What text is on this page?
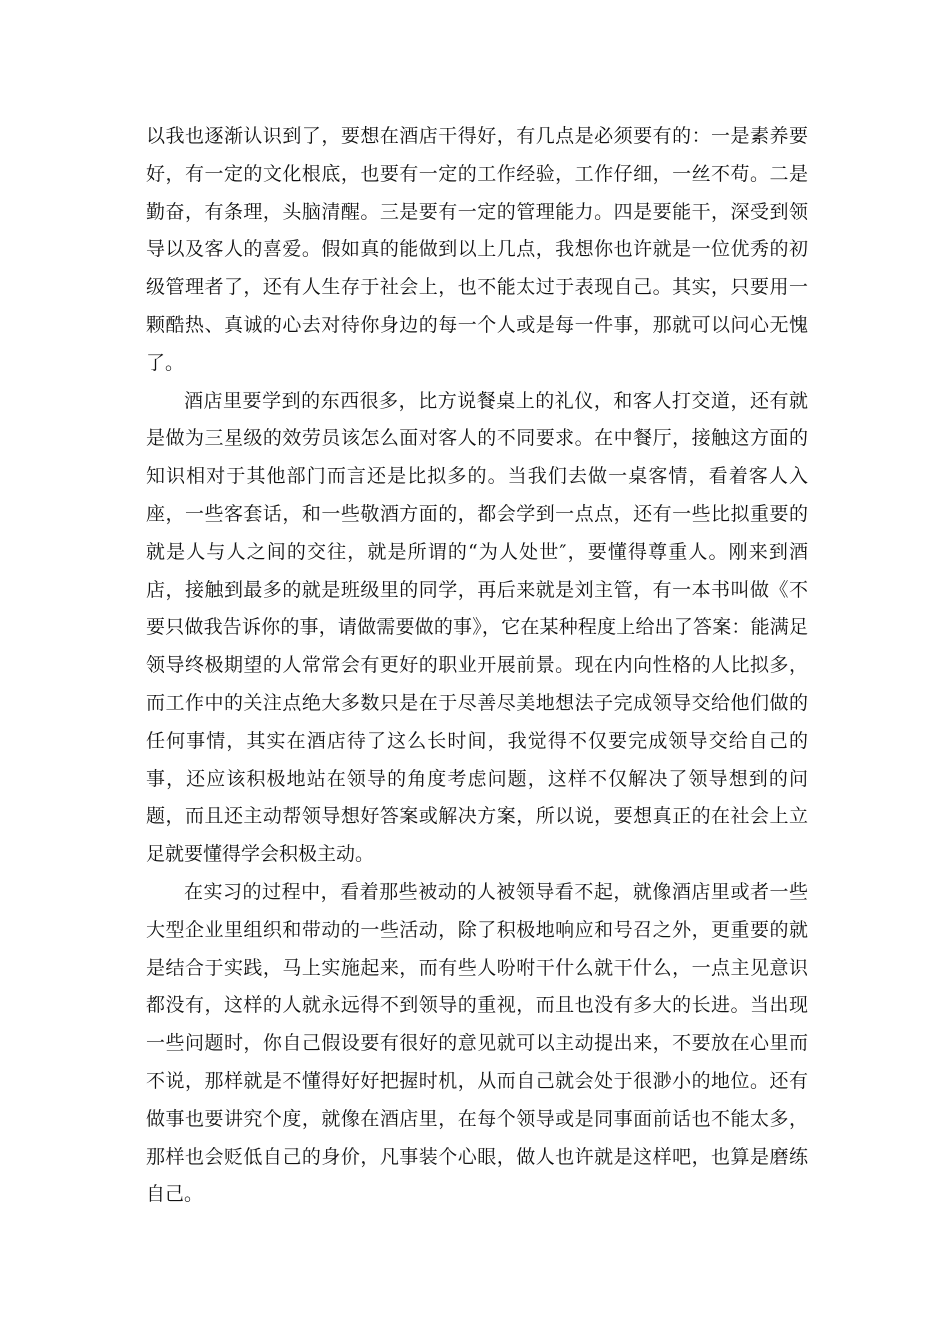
以我也逐渐认识到了，要想在酒店干得好，有几点是必须要有的：一是素养要好，有一定的文化根底，也要有一定的工作经验，工作仔细，一丝不苟。二是勤奋，有条理，头脑清醒。三是要有一定的管理能力。四是要能干，深受到领导以及客人的喜爱。假如真的能做到以上几点，我想你也许就是一位优秀的初级管理者了，还有人生存于社会上，也不能太过于表现自己。其实，只要用一颗酷热、真诚的心去对待你身边的每一个人或是每一件事，那就可以问心无愧了。

酒店里要学到的东西很多，比方说餐桌上的礼仪，和客人打交道，还有就是做为三星级的效劳员该怎么面对客人的不同要求。在中餐厅，接触这方面的知识相对于其他部门而言还是比拟多的。当我们去做一桌客情，看着客人入座，一些客套话，和一些敬酒方面的，都会学到一点点，还有一些比拟重要的就是人与人之间的交往，就是所谓的“为人处世″，要懂得尊重人。刚来到酒店，接触到最多的就是班级里的同学，再后来就是刘主管，有一本书叫做《不要只做我告诉你的事，请做需要做的事》，它在某种程度上给出了答案：能满足领导终极期望的人常常会有更好的职业开展前景。现在内向性格的人比拟多，而工作中的关注点绝大多数只是在于尽善尽美地想法子完成领导交给他们做的任何事情，其实在酒店待了这么长时间，我觉得不仅要完成领导交给自己的事，还应该积极地站在领导的角度考虑问题，这样不仅解决了领导想到的问题，而且还主动帮领导想好答案或解决方案，所以说，要想真正的在社会上立足就要懂得学会积极主动。

在实习的过程中，看着那些被动的人被领导看不起，就像酒店里或者一些大型企业里组织和带动的一些活动，除了积极地响应和号召之外，更重要的就是结合于实践，马上实施起来，而有些人吩咐干什么就干什么，一点主见意识都没有，这样的人就永远得不到领导的重视，而且也没有多大的长进。当出现一些问题时，你自己假设要有很好的意见就可以主动提出来，不要放在心里而不说，那样就是不懂得好好把握时机，从而自己就会处于很渺小的地位。还有做事也要讲究个度，就像在酒店里，在每个领导或是同事面前话也不能太多，那样也会贬低自己的身价，凡事装个心眼，做人也许就是这样吧，也算是磨练自己。
